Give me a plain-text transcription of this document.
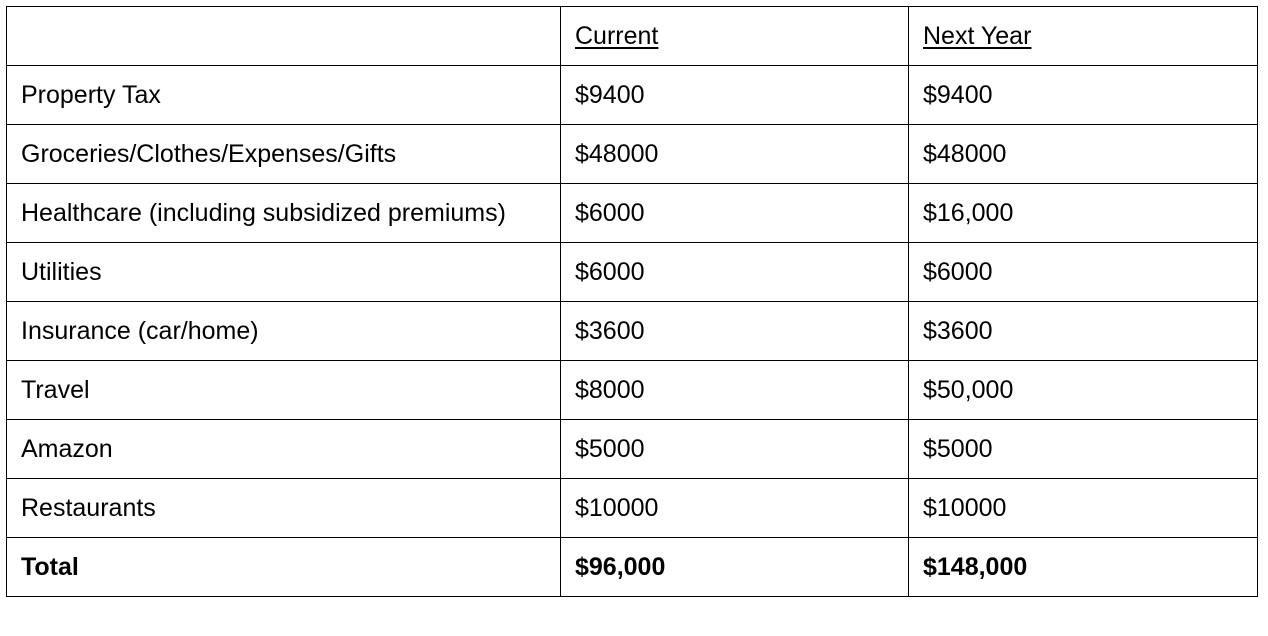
	Current	Next Year
Property Tax	$9400	$9400
Groceries/Clothes/Expenses/Gifts	$48000	$48000
Healthcare (including subsidized premiums)	$6000	$16,000
Utilities	$6000	$6000
Insurance (car/home)	$3600	$3600
Travel	$8000	$50,000
Amazon	$5000	$5000
Restaurants	$10000	$10000
Total	$96,000	$148,000
